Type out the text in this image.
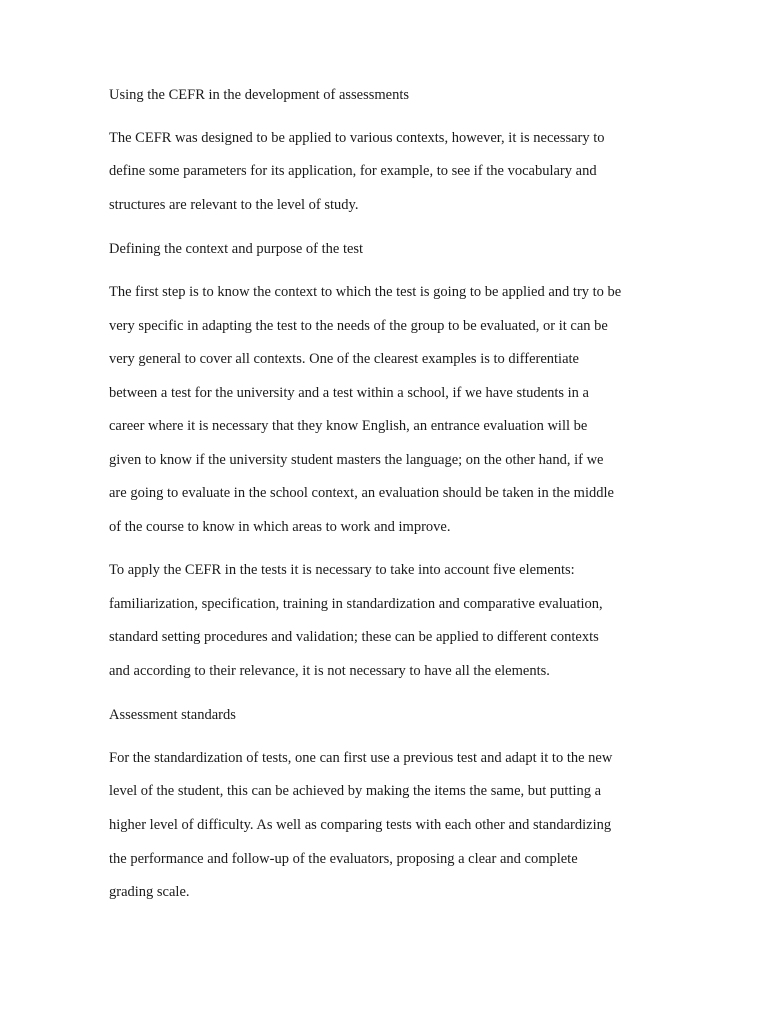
Using the CEFR in the development of assessments

The CEFR was designed to be applied to various contexts, however, it is necessary to

define some parameters for its application, for example, to see if the vocabulary and

structures are relevant to the level of study.

Defining the context and purpose of the test

The first step is to know the context to which the test is going to be applied and try to be

very specific in adapting the test to the needs of the group to be evaluated, or it can be

very general to cover all contexts. One of the clearest examples is to differentiate

between a test for the university and a test within a school, if we have students in a

career where it is necessary that they know English, an entrance evaluation will be

given to know if the university student masters the language; on the other hand, if we

are going to evaluate in the school context, an evaluation should be taken in the middle

of the course to know in which areas to work and improve.

To apply the CEFR in the tests it is necessary to take into account five elements:

familiarization, specification, training in standardization and comparative evaluation,

standard setting procedures and validation; these can be applied to different contexts

and according to their relevance, it is not necessary to have all the elements.

Assessment standards

For the standardization of tests, one can first use a previous test and adapt it to the new

level of the student, this can be achieved by making the items the same, but putting a

higher level of difficulty. As well as comparing tests with each other and standardizing

the performance and follow-up of the evaluators, proposing a clear and complete

grading scale.
